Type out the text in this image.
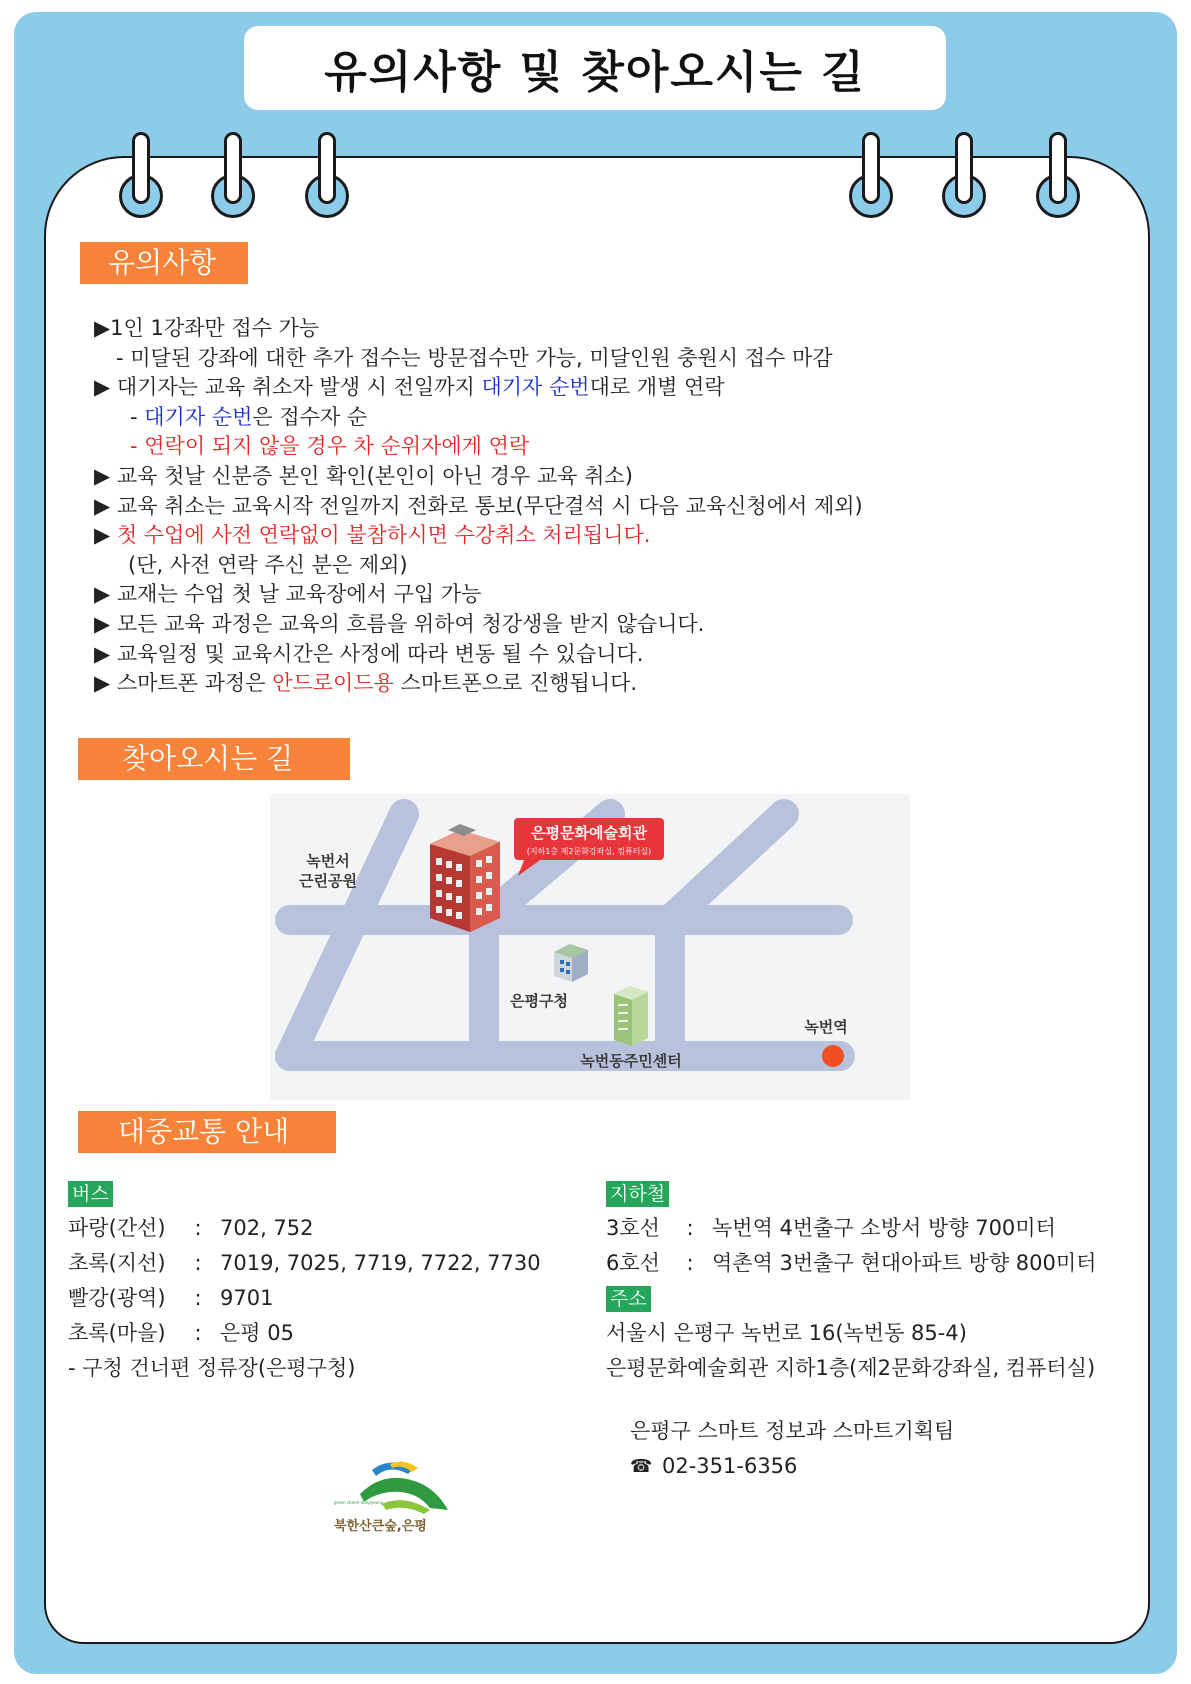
유의사항 및 찾아오시는 길
유의사항
▶1인 1강좌만 접수 가능
- 미달된 강좌에 대한 추가 접수는 방문접수만 가능, 미달인원 충원시 접수 마감
▶ 대기자는 교육 취소자 발생 시 전일까지 대기자 순번대로 개별 연락
- 대기자 순번은 접수자 순
- 연락이 되지 않을 경우 차 순위자에게 연락
▶ 교육 첫날 신분증 본인 확인(본인이 아닌 경우 교육 취소)
▶ 교육 취소는 교육시작 전일까지 전화로 통보(무단결석 시 다음 교육신청에서 제외)
▶ 첫 수업에 사전 연락없이 불참하시면 수강취소 처리됩니다.
(단, 사전 연락 주신 분은 제외)
▶ 교재는 수업 첫 날 교육장에서 구입 가능
▶ 모든 교육 과정은 교육의 흐름을 위하여 청강생을 받지 않습니다.
▶ 교육일정 및 교육시간은 사정에 따라 변동 될 수 있습니다.
▶ 스마트폰 과정은 안드로이드용 스마트폰으로 진행됩니다.
찾아오시는 길
은평문화예술회관
(지하1층 제2문화강좌실, 컴퓨터실)
녹번서
근린공원
은평구청
녹번동주민센터
녹번역
대중교통 안내
버스
파랑(간선)	: 702, 752
초록(지선)	: 7019, 7025, 7719, 7722, 7730
빨강(광역)	: 9701
초록(마을)	: 은평 05
- 구청 건너편 정류장(은평구청)
지하철
3호선	: 녹번역 4번출구 소방서 방향 700미터
6호선	: 역촌역 3번출구 현대아파트 방향 800미터
주소
서울시 은평구 녹번로 16(녹번동 85-4)
은평문화예술회관 지하1층(제2문화강좌실, 컴퓨터실)
은평구 스마트 정보과 스마트기획팀
☎ 02-351-6356
green charm eunpyeong
북한산큰숲,은평
